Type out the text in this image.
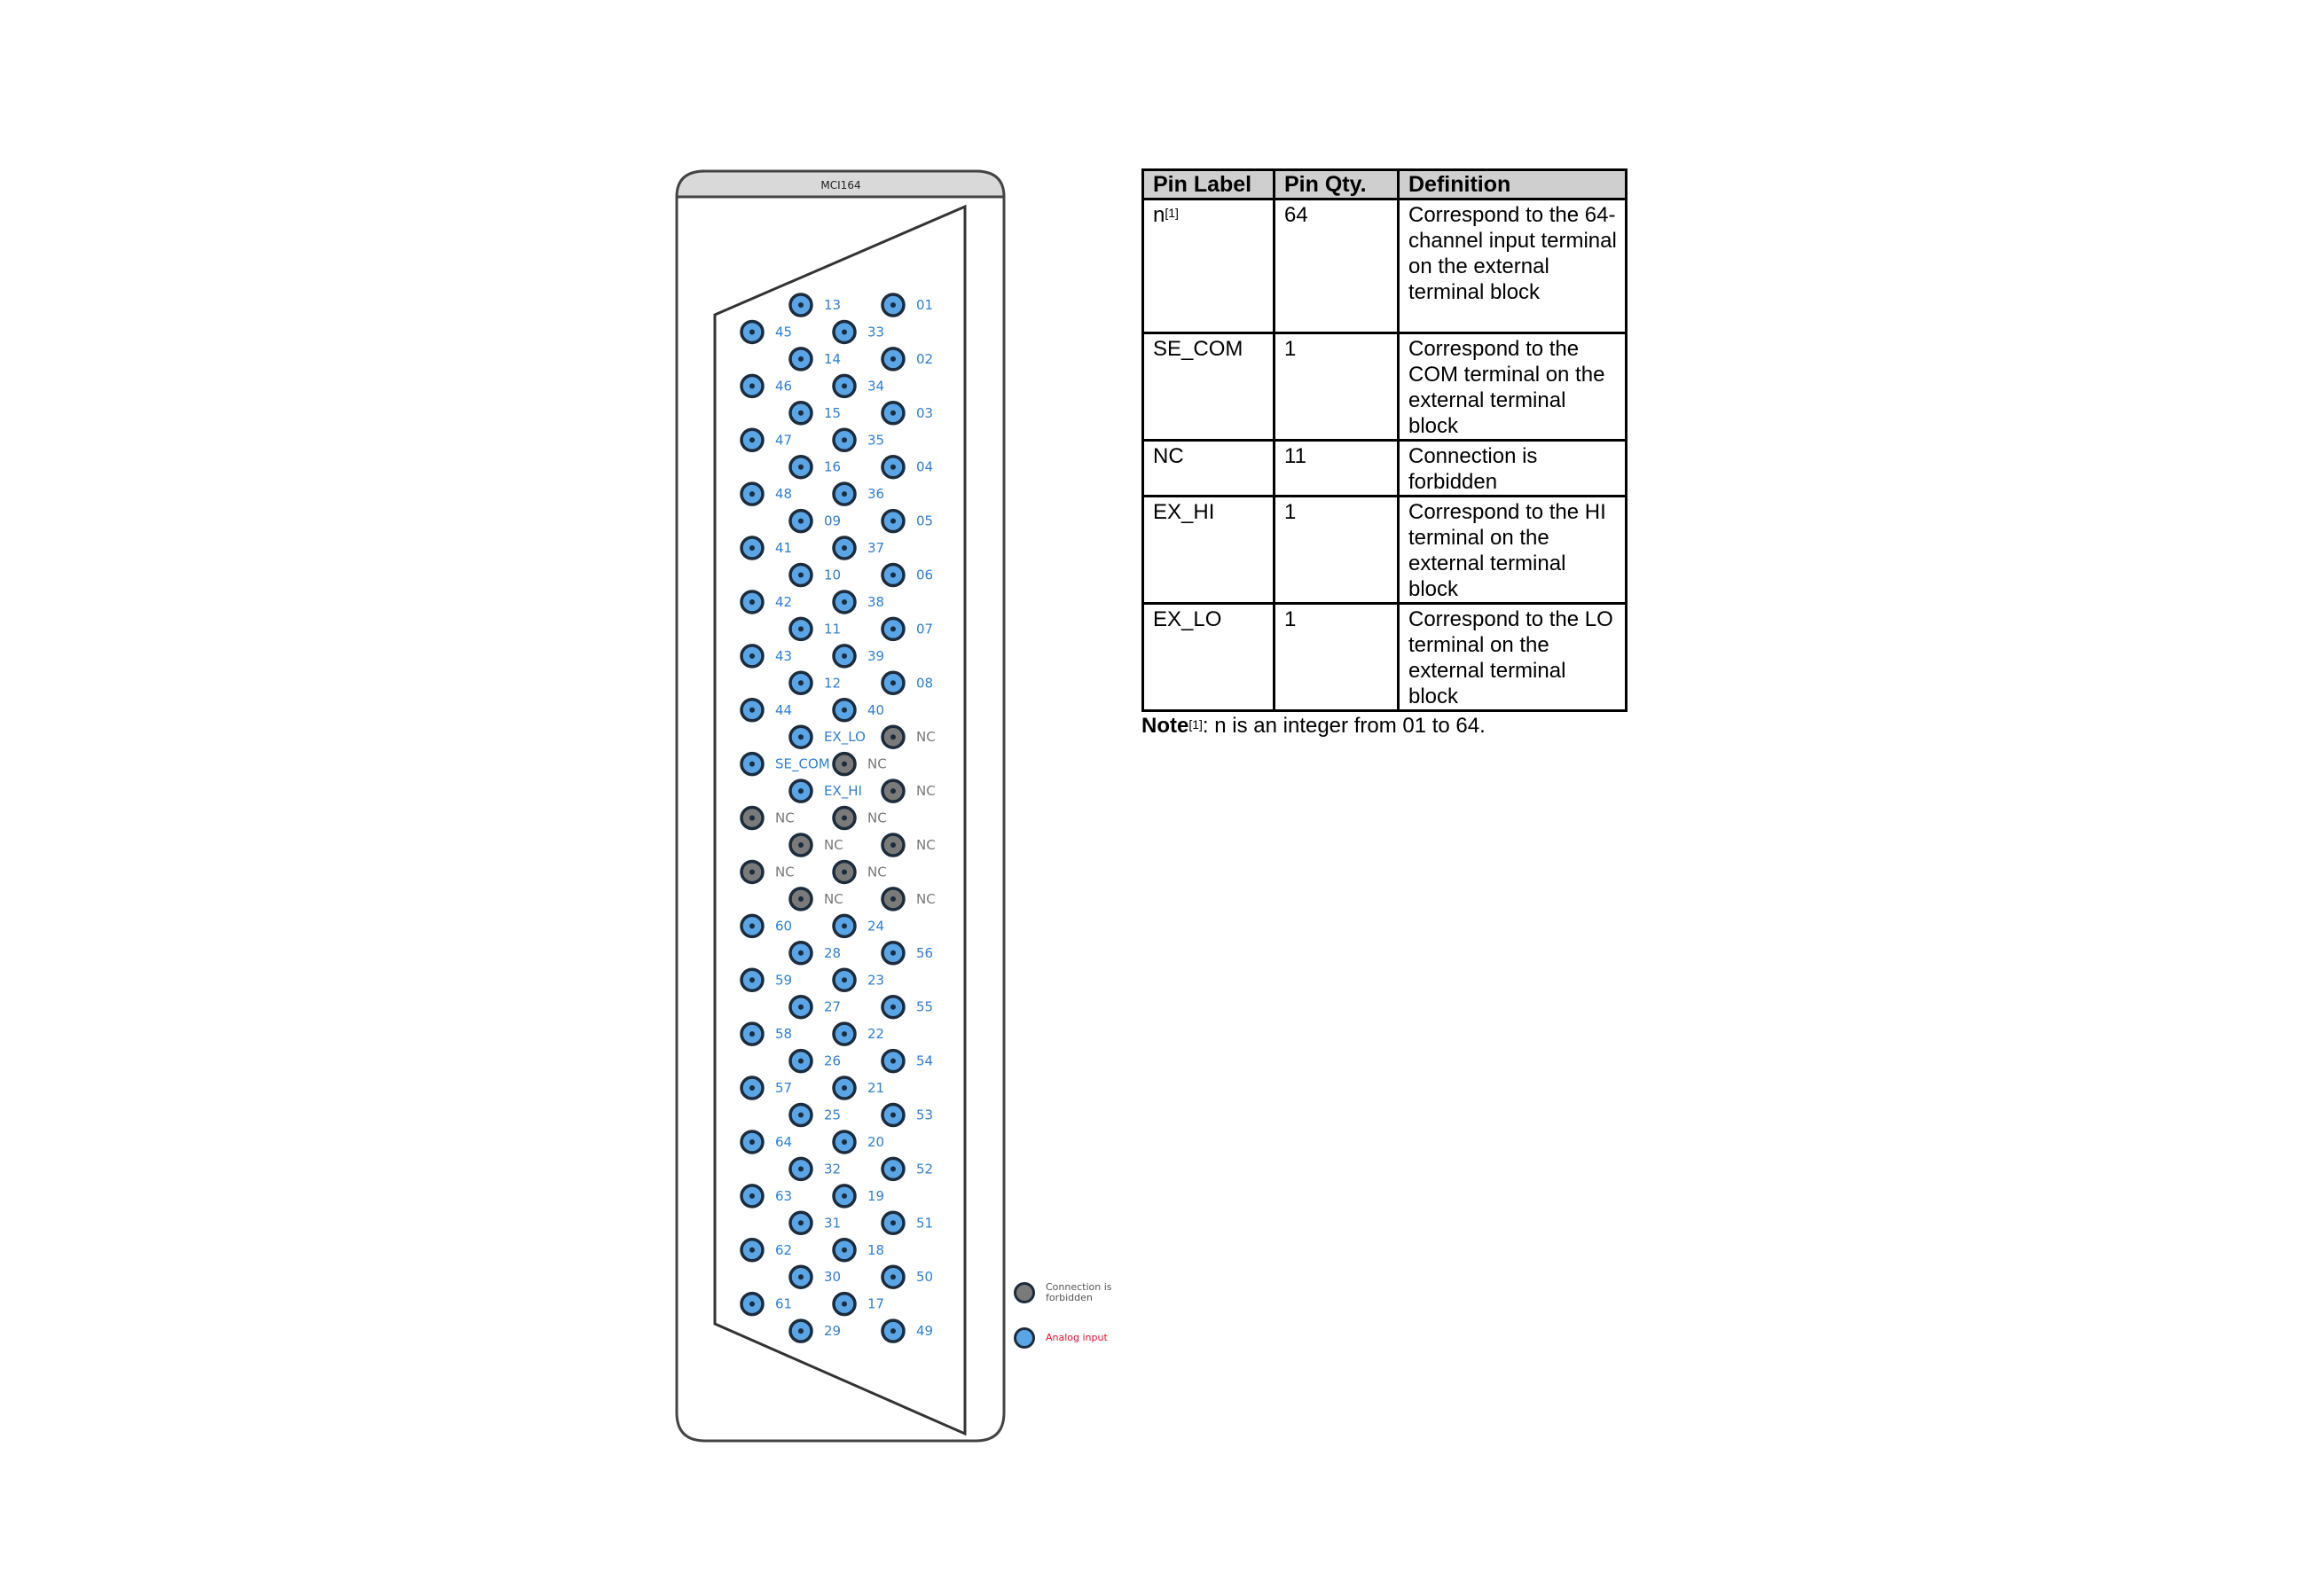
MCI164
13	01
45	33
14	02
46	34
15	03
47	35
16	04
48	36
09	05
41	37
10	06
42	38
11	07
43	39
12	08
44	40
EX_LO	NC
SE_COM	NC
EX_HI	NC
NC	NC
NC	NC
NC	NC
NC	NC
60	24
28	56
59	23
27	55
58	22
26	54
57	21
25	53
64	20
32	52
63	19
31	51
62	18
30	50
61	17
29	49
Connection is forbidden
Analog input
Pin Label	Pin Qty.	Definition
n[1]	64	Correspond to the 64-channel input terminal on the external terminal block
SE_COM	1	Correspond to the COM terminal on the external terminal block
NC	11	Connection is forbidden
EX_HI	1	Correspond to the HI terminal on the external terminal block
EX_LO	1	Correspond to the LO terminal on the external terminal block
Note[1]: n is an integer from 01 to 64.
